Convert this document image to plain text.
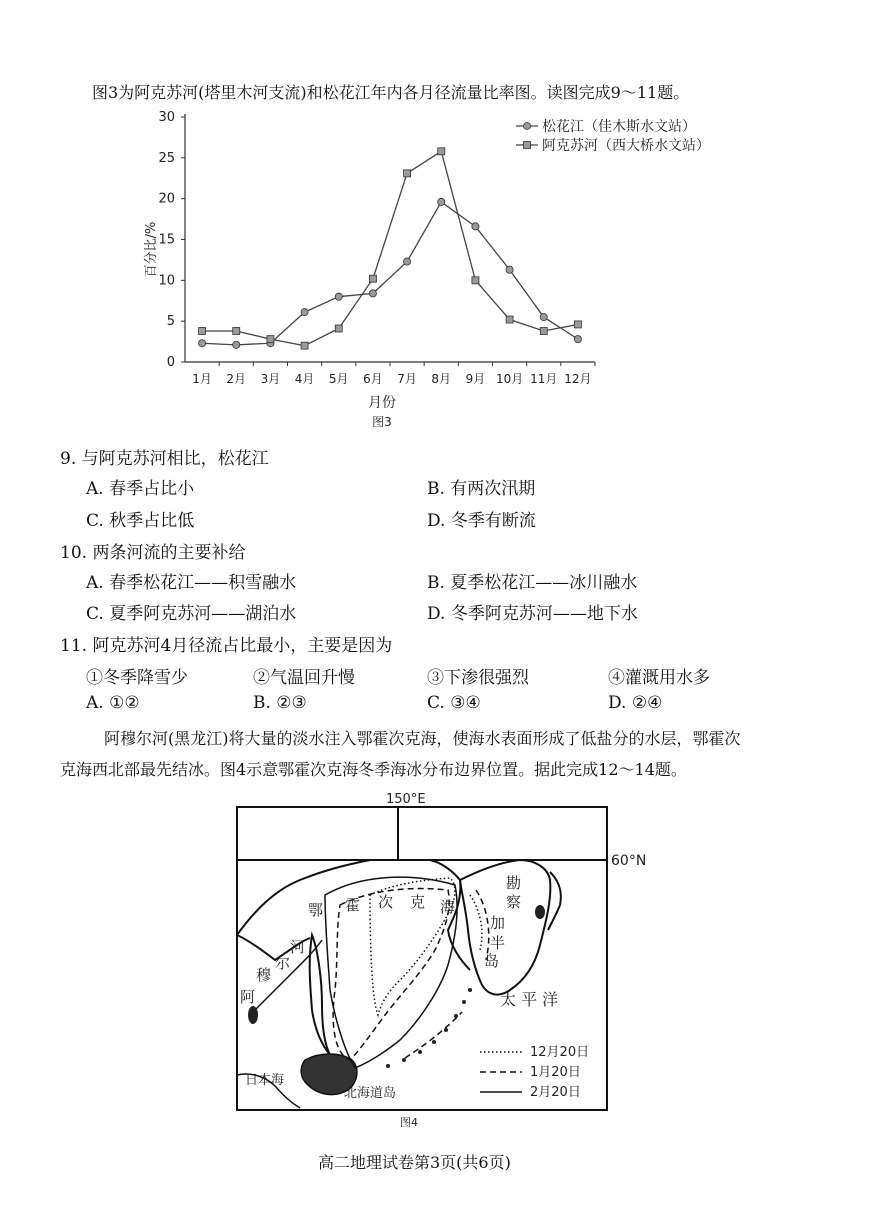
图3为阿克苏河(塔里木河支流)和松花江年内各月径流量比率图。读图完成9～11题。
0
5
10
15
20
25
30
1月 2月 3月 4月 5月 6月 7月 8月 9月 10月 11月 12月
月份
百分比/%
图3
松花江（佳木斯水文站）
阿克苏河（西大桥水文站）
9. 与阿克苏河相比，松花江
A. 春季占比小	B. 有两次汛期
C. 秋季占比低	D. 冬季有断流
10. 两条河流的主要补给
A. 春季松花江——积雪融水	B. 夏季松花江——冰川融水
C. 夏季阿克苏河——湖泊水	D. 冬季阿克苏河——地下水
11. 阿克苏河4月径流占比最小，主要是因为
①冬季降雪少	②气温回升慢	③下渗很强烈	④灌溉用水多
A. ①②	B. ②③	C. ③④	D. ②④
阿穆尔河(黑龙江)将大量的淡水注入鄂霍次克海，使海水表面形成了低盐分的水层，鄂霍次
克海西北部最先结冰。图4示意鄂霍次克海冬季海冰分布边界位置。据此完成12～14题。
150°E
60°N
鄂 霍 次 克 海
勘
察
加
半
岛
阿
穆
尔
河
太 平 洋
日本海
北海道岛
12月20日
1月20日
2月20日
图4
高二地理试卷第3页(共6页)
